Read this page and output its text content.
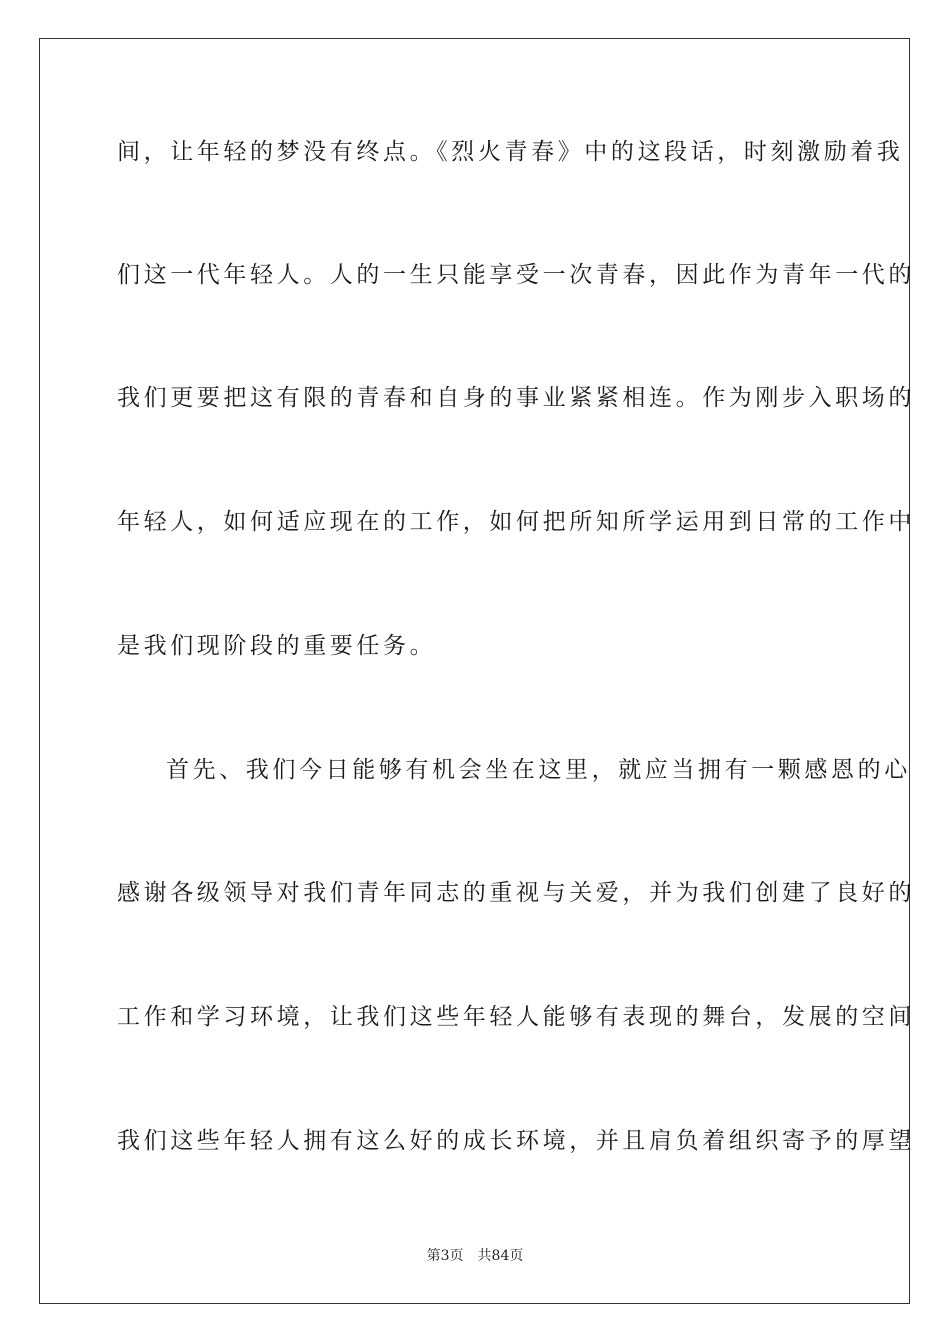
间，让年轻的梦没有终点。《烈火青春》中的这段话，时刻激励着我
们这一代年轻人。人的一生只能享受一次青春，因此作为青年一代的
我们更要把这有限的青春和自身的事业紧紧相连。作为刚步入职场的
年轻人，如何适应现在的工作，如何把所知所学运用到日常的工作中
是我们现阶段的重要任务。
首先、我们今日能够有机会坐在这里，就应当拥有一颗感恩的心
感谢各级领导对我们青年同志的重视与关爱，并为我们创建了良好的
工作和学习环境，让我们这些年轻人能够有表现的舞台，发展的空间
我们这些年轻人拥有这么好的成长环境，并且肩负着组织寄予的厚望
第3页 共84页
